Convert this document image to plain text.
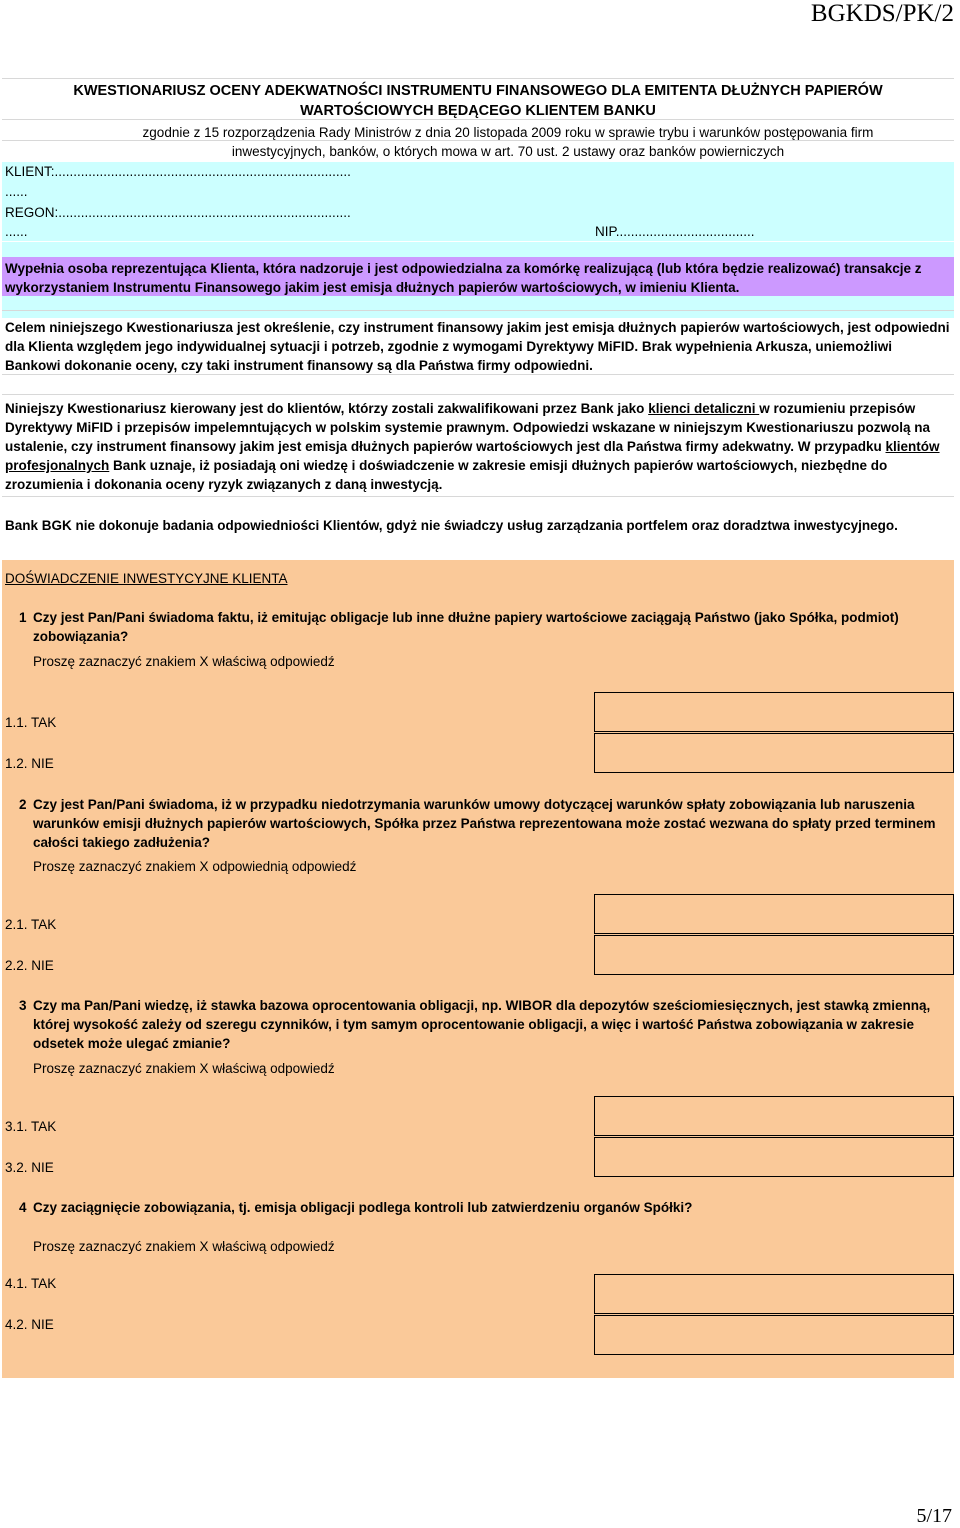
BGKDS/PK/2
KWESTIONARIUSZ OCENY ADEKWATNOŚCI INSTRUMENTU FINANSOWEGO DLA EMITENTA DŁUŻNYCH PAPIERÓW
WARTOŚCIOWYCH BĘDĄCEGO KLIENTEM BANKU
zgodnie z 15 rozporządzenia Rady Ministrów z dnia 20 listopada 2009 roku w sprawie trybu i warunków postępowania firm
inwestycyjnych, banków, o których mowa w art. 70 ust. 2 ustawy oraz banków powierniczych
KLIENT:...............................................................................
......
REGON:..............................................................................
......	NIP.....................................
Wypełnia osoba reprezentująca Klienta, która nadzoruje i jest odpowiedzialna za komórkę realizującą (lub która będzie realizować) transakcje z wykorzystaniem Instrumentu Finansowego jakim jest emisja dłużnych papierów wartościowych, w imieniu Klienta.
Celem niniejszego Kwestionariusza jest określenie, czy instrument finansowy jakim jest emisja dłużnych papierów wartościowych, jest odpowiedni dla Klienta względem jego indywidualnej sytuacji i potrzeb, zgodnie z wymogami Dyrektywy MiFID. Brak wypełnienia Arkusza, uniemożliwi Bankowi dokonanie oceny, czy taki instrument finansowy są dla Państwa firmy odpowiedni.
Niniejszy Kwestionariusz kierowany jest do klientów, którzy zostali zakwalifikowani przez Bank jako klienci detaliczni w rozumieniu przepisów Dyrektywy MiFID i przepisów impelemntujących w polskim systemie prawnym. Odpowiedzi wskazane w niniejszym Kwestionariuszu pozwolą na ustalenie, czy instrument finansowy jakim jest emisja dłużnych papierów wartościowych jest dla Państwa firmy adekwatny. W przypadku klientów profesjonalnych Bank uznaje, iż posiadają oni wiedzę i doświadczenie w zakresie emisji dłużnych papierów wartościowych, niezbędne do zrozumienia i dokonania oceny ryzyk związanych z daną inwestycją.
Bank BGK nie dokonuje badania odpowiedniości Klientów, gdyż nie świadczy usług zarządzania portfelem oraz doradztwa inwestycyjnego.
DOŚWIADCZENIE INWESTYCYJNE KLIENTA
1 Czy jest Pan/Pani świadoma faktu, iż emitując obligacje lub inne dłużne papiery wartościowe zaciągają Państwo (jako Spółka, podmiot) zobowiązania?
Proszę zaznaczyć znakiem X właściwą odpowiedź
1.1. TAK
1.2. NIE
2 Czy jest Pan/Pani świadoma, iż w przypadku niedotrzymania warunków umowy dotyczącej warunków spłaty zobowiązania lub naruszenia warunków emisji dłużnych papierów wartościowych, Spółka przez Państwa reprezentowana może zostać wezwana do spłaty przed terminem całości takiego zadłużenia?
Proszę zaznaczyć znakiem X odpowiednią odpowiedź
2.1. TAK
2.2. NIE
3 Czy ma Pan/Pani wiedzę, iż stawka bazowa oprocentowania obligacji, np. WIBOR dla depozytów sześciomiesięcznych, jest stawką zmienną, której wysokość zależy od szeregu czynników, i tym samym oprocentowanie obligacji, a więc i wartość Państwa zobowiązania w zakresie odsetek może ulegać zmianie?
Proszę zaznaczyć znakiem X właściwą odpowiedź
3.1. TAK
3.2. NIE
4 Czy zaciągnięcie zobowiązania, tj. emisja obligacji podlega kontroli lub zatwierdzeniu organów Spółki?
Proszę zaznaczyć znakiem X właściwą odpowiedź
4.1. TAK
4.2. NIE
5/17
